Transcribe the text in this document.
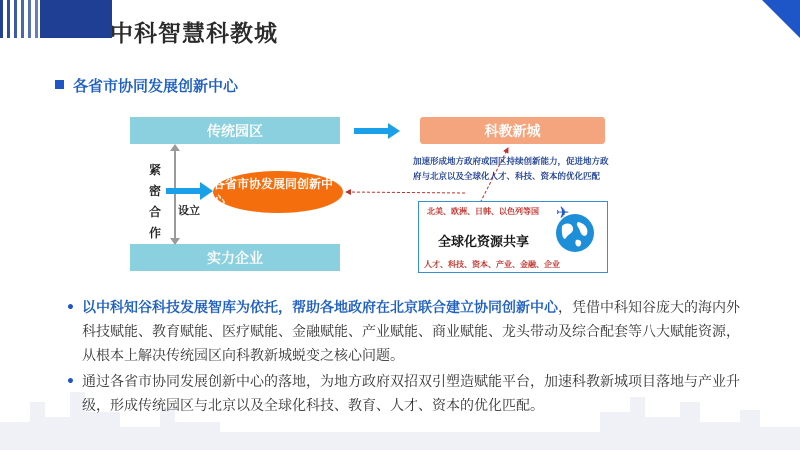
中科智慧科教城
各省市协同发展创新中心
传统园区
实力企业
科教新城
紧
密
合
作
设立
各省市协发展同创新中心
加速形成地方政府或园区持续创新能力，促进地方政府与北京以及全球化人才、科技、资本的优化匹配
北美、欧洲、日韩、以色列等国
全球化资源共享
人才、科技、资本、产业、金融、企业
✈
• 以中科知谷科技发展智库为依托，帮助各地政府在北京联合建立协同创新中心，凭借中科知谷庞大的海内外科技赋能、教育赋能、医疗赋能、金融赋能、产业赋能、商业赋能、龙头带动及综合配套等八大赋能资源，从根本上解决传统园区向科教新城蜕变之核心问题。
• 通过各省市协同发展创新中心的落地，为地方政府双招双引塑造赋能平台，加速科教新城项目落地与产业升级，形成传统园区与北京以及全球化科技、教育、人才、资本的优化匹配。
